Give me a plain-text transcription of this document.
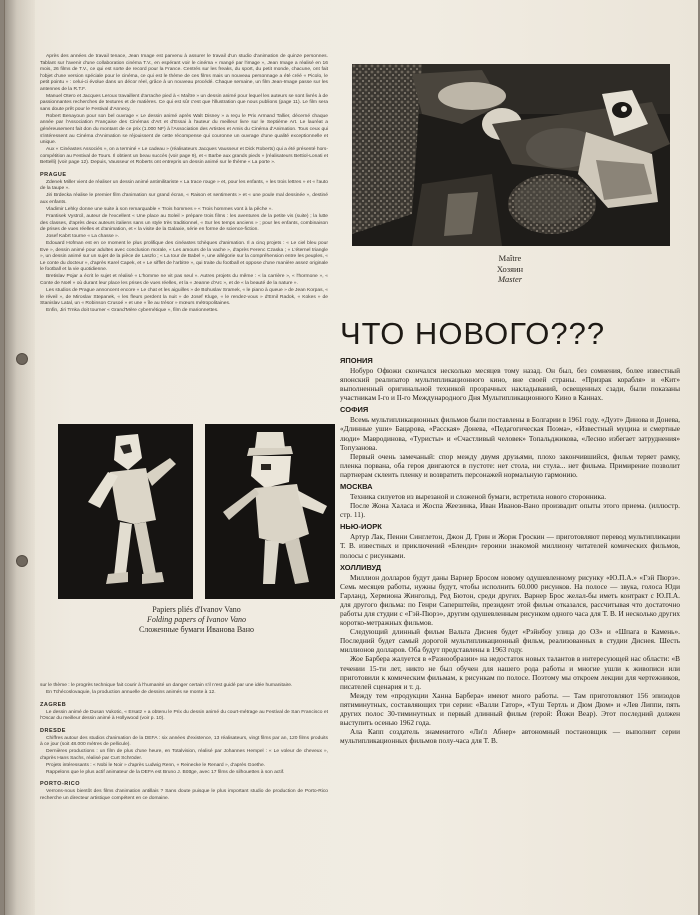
Après des années de travail tenace, Jean Image est parvenu à assurer le travail d'un studio d'animation de quinze personnes. Tablant sur l'avenir d'une collaboration cinéma T.V., en espérant voir le cinéma « mangé par l'image », Jean Image a réalisé en 16 mois, 26 films de T.V., ce qui est sorte de record pour la France. Centrés sur les freaks, du sport, du petit monde, chacune, ont fait l'objet d'une version spéciale pour le cinéma, ce qui est le thème de ces films mais un nouveau personnage a été créé « Picolo, le petit pointu » : celui-ci évolue dans un décor réel, grâce à un nouveau procédé. Chaque semaine, un film Jean-Image passe sur les antennes de la R.T.F.

Manuel Otero et Jacques Leroux travaillent d'arrache pied à « Maître » un dessin animé pour lequel les auteurs se sont livrés à de passionnantes recherches de textures et de matières. Ce qui est sûr c'est que l'illustration que nous publions (page 11). Le film sera sans doute prêt pour le Festival d'Annecy.

Robert Benayoun pour son bel ouvrage « Le dessin animé après Walt Disney » a reçu le Prix Armand Tallier, décerné chaque année par l'Association Française des Cinémas d'Art et d'Essai à l'auteur du meilleur livre sur le Septième Art. Le lauréat a généreusement fait don du montant de ce prix (1.000 NF) à l'Association des Artistes et Amis du Cinéma d'Animation. Tous ceux qui s'intéressent au Cinéma d'Animation se réjouissent de cette récompense qui couronne un ouvrage d'une qualité exceptionnelle et unique.

Aux « Cinéastes Associés », on a terminé « Le cadeau » (réalisateurs Jacques Vausseur et Dick Roberts) qui a été présenté hors-compétition au Festival de Tours. Il obtient un beau succès (voir page 9), et « Barbe aux grands pieds » (réalisateurs Bettiol-Lonati et Bettelli) (voir page 12). Depuis, Vausseur et Roberts ont entrepris un dessin animé sur le thème « La porte ».

PRAGUE

Zdenek Miller vient de réaliser un dessin animé antimilitariste « La trace rouge » et, pour les enfants, « les trois lettres » et « l'auto de la taupe ».

Jiri Brdecka réalise le premier film d'animation sur grand écran, « Raison et sentiments » et « une poule mal dessinée », destiné aux enfants.

Vladimir Lehky donne une suite à son remarquable « Trois hommes » « Trois hommes vont à la pêche ».

Frantisek Vystrcil, auteur de l'excellent « Une place au Soleil » prépare trois films : les aventures de la petite vis (suite) ; la lutte des classes, d'après deux auteurs italiens sans un style très traditionnel, « Sur les temps anciens » ; pour les enfants, combinaison de prises de vues réelles et d'animation, et « la visite de la Galaxie, série en forme de science-fiction.

Josef Kabrt tourne « La chasse ».

Edouard Hofman est en ce moment le plus prolifique des cinéastes tchèques d'animation. Il a cinq projets : « Le ciel bleu pour Eve », dessin animé pour adultes avec conclusion morale, « Les amours de la vache », d'après Ferenc Czaska ; « L'éternel triangle », un dessin animé sur un sujet de la pièce de Laszlo ; « La tour de Babel », une allégorie sur la compréhension entre les peuples, « Le conte du docteur », d'après Karel Capek, et « Le sifflet de l'arbitre », qui traite du football et oppose d'une manière assez originale le football et la vie quotidienne.

Bretislav Pojar a écrit le sujet et réalisé « L'homme ne vit pas seul ». Autres projets du même : « la carrière », « l'hormone », « Conte de Noël » où durant leur place les prises de vues réelles, et la « Jeanne d'Arc », et de « la beauté de la nature ».

Les studios de Prague annoncent encore « Le chat et les aiguilles » de Bohuslav Sramek, « le piano à queue » de Jean Korpas, « le réveil », de Miroslav Stepanek, « les fleurs perdent la nuit » de Josef Kluge, « le rendez-vous » d'Emil Radok, « Kokes » de Stanislav Latal, un « Robinson Crusoé » et une « île au trésor » mœurs métropolitaines.

Enfin, Jiri Trnka doit tourner « Grand'Mère cybernétique », film de marionnettes.

Papiers pliés d'Ivanov Vano
Folding papers of Ivanov Vano
Сложенные бумаги Иванова Вано

sur le thème : le progrès technique fait courir à l'humanité un danger certain s'il n'est guidé par une idée humanitaire.

En Tchécoslovaquie, la production annuelle de dessins animés se monte à 12.

ZAGREB

Le dessin animé de Dusan Vukotic, « Ersatz » a obtenu le Prix du dessin animé du court-métrage au Festival de San Francisco et l'Oscar du meilleur dessin animé à Hollywood (voir p. 10).

DRESDE

Chiffres autour des studios d'animation de la DEFA : six années d'existence, 13 réalisateurs, vingt films par an, 120 films produits à ce jour (soit 48.000 mètres de pellicule).

Dernières productions : un film de plus d'une heure, en Totalvision, réalisé par Johannes Hempel : « Le voleur de cheveux », d'après Hans Sachs, réalisé par Curt Schröder.

Projets intéressants : « Nobi le Noir » d'après Ludwig Renn, « Reinecke le Renard », d'après Goethe.

Rappelons que le plus actif animateur de la DEFA est Bruno J. Böttge, avec 17 films de silhouettes à son actif.

PORTO-RICO

Verrons-nous bientôt des films d'animation antillais ? Sans doute puisque le plus important studio de production de Porto-Rico recherche un directeur artistique compétent en ce domaine.

Maître
Хозяин
Master
ЧТО НОВОГО???
ЯПОНИЯ

Нобуро Офюжи скончался несколько месяцев тому назад. Он был, без сомнения, более известный японский реализатор мультипликационного кино, вне своей страны. «Призрак корабля» и «Кит» выполненный оригинальной техникой прозрачных накладываний, освещенных сзади, были показаны участникам I-го и II-го Международного Дня Мультипликационного Кино в Каннах.

СОФИЯ

Всемь мультипликационных фильмов были поставлены в Болгарии в 1961 году. «Дуэт» Динова и Донева, «Длинные уши» Бацарова, «Расская» Донева, «Педагогическая Поэма», «Известный муцина и смертные люди» Мавродинова, «Туристы» и «Счастливый человек» Топальджикова, «Лесню избегает затруднения» Топузанова.

Первый очень замечаный: спор между двумя друзьями, плохо закончившийся, фильм теряет рамку, пленка порвана, оба героя двигаются в пустоте: нет стола, ни стула... нет фильма. Примирение позволит партнерам склеить пленку и возвратить персонажей нормальную гармонию.

МОСКВА

Техника силуетов из вырезаной и сложеной бумаги, встретила нового сторонника.

После Жона Халаса и Жоспа Жеезинка, Иван Иванов-Вано произвадит опыты этого приема. (иллюстр. стр. 11).

НЬЮ-ИОРК

Артур Лак, Пенни Синглетон, Джон Д. Грин и Жорж Гроскин — приготовляют перевод мультипликации Т. В. известных и приключений «Бленди» героини знакомой миллиону читателей комических фильмов, полосы с рисунками.

ХОЛЛИВУД

Миллион долларов будут даны Варнер Бросом новому одушевленному рисунку «Ю.П.А.» «Гэй Пюрэ». Семь месяцев работы, нужны будут, чтобы исполнить 60.000 рисунков. На полосе — звука, голоса Юди Гарланд, Хермиона Жингольд, Ред Бютон, среди других. Варнер Брос желал-бы иметь контракт с Ю.П.А. для другого фильма: по Генри Саперштейн, президент этой фильм отказался, рассчитывая что достаточно работы для студии с «Гэй-Пюрэ», другим одушевленным рисунком одного часа для Т. В. И несколько других коротко-метражных фильмов.

Следующий длинный фильм Вальта Диснея будет «Рэйнбоу улица до ОЗ» и «Шпага в Камень». Последний будет самый дорогой мультипликационный фильм, реализованных в студии Диснея. Шесть миллионов долларов. Оба будут представлены в 1963 году.

Жоe Барбера жалуется в «Разнообразии» на недостаток новых талантов в интересующей нас области: «В течении 15-ти лет, никто не был обучен для нашего рода работы и многие ушли к живописи или приготовили к комическим фильмам, к рисункам по полосе. Поэтому мы откроем лекции для чертежников, писателей сценария и т. д.

Между тем «продукции Ханна Барбера» имеют много работы. — Там приготовляют 156 эпизодов пятиминутных, составляющих три серии: «Валли Гатор», «Туш Тертль и Дюм Дюм» и «Лев Липпи, пять других полос 30-тиминутных и первый длинный фильм (герой: Йожи Веар). Этот последний должен выступить осенью 1962 года.

Ала Капп создатель знаменитого «Ли'л Абнер» автономный постановщик — выполнит серии мультипликационных фильмов полу-часа для Т. В.
